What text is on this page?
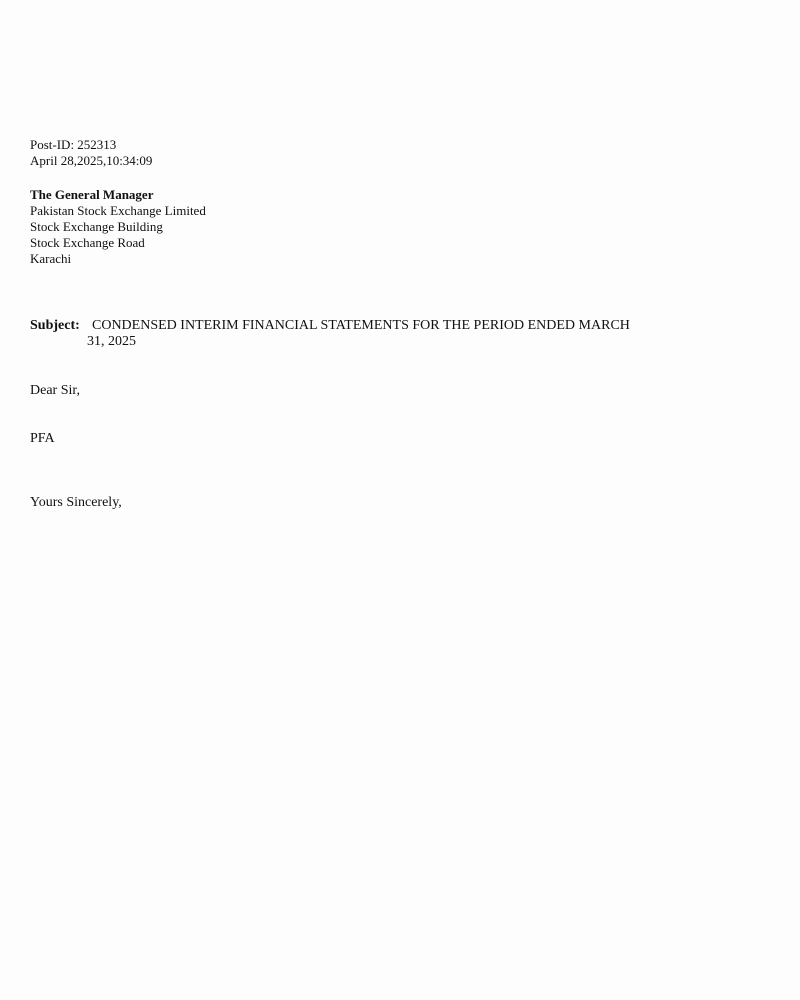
Post-ID: 252313
April 28,2025,10:34:09
The General Manager
Pakistan Stock Exchange Limited
Stock Exchange Building
Stock Exchange Road
Karachi
Subject: CONDENSED INTERIM FINANCIAL STATEMENTS FOR THE PERIOD ENDED MARCH
31, 2025
Dear Sir,
PFA
Yours Sincerely,
